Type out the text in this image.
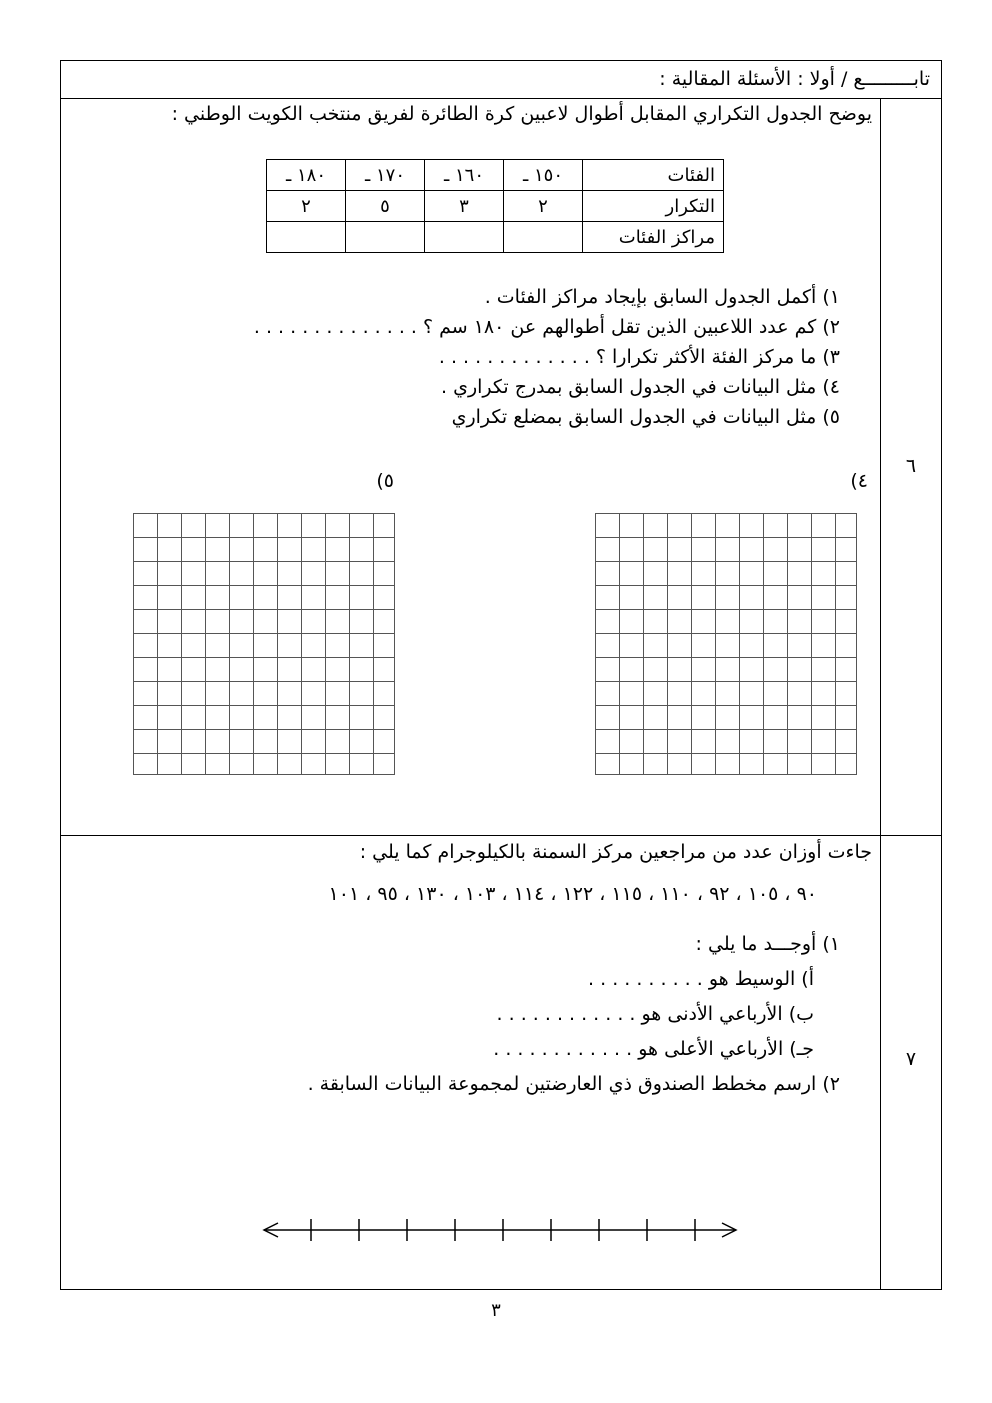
تابـــــــــع / أولا : الأسئلة المقالية :
٦
يوضح الجدول التكراري المقابل أطوال لاعبين كرة الطائرة لفريق منتخب الكويت الوطني :
الفئات	١٥٠ ـ	١٦٠ ـ	١٧٠ ـ	١٨٠ ـ
التكرار	٢	٣	٥	٢
مراكز الفئات				
١) أكمل الجدول السابق بإيجاد مراكز الفئات .
٢) كم عدد اللاعبين الذين تقل أطوالهم عن ١٨٠ سم ؟ . . . . . . . . . . . . . .
٣) ما مركز الفئة الأكثر تكرارا ؟ . . . . . . . . . . . . .
٤) مثل البيانات في الجدول السابق بمدرج تكراري .
٥) مثل البيانات في الجدول السابق بمضلع تكراري
٤)
٥)
٧
جاءت أوزان عدد من مراجعين مركز السمنة بالكيلوجرام كما يلي :
٩٠ ، ١٠٥ ، ٩٢ ، ١١٠ ، ١١٥ ، ١٢٢ ، ١١٤ ، ١٠٣ ، ١٣٠ ، ٩٥ ، ١٠١
١) أوجـــد ما يلي :
أ) الوسيط هو . . . . . . . . . .
ب) الأرباعي الأدنى هو . . . . . . . . . . . .
جـ) الأرباعي الأعلى هو . . . . . . . . . . . .
٢) ارسم مخطط الصندوق ذي العارضتين لمجموعة البيانات السابقة .
٣
